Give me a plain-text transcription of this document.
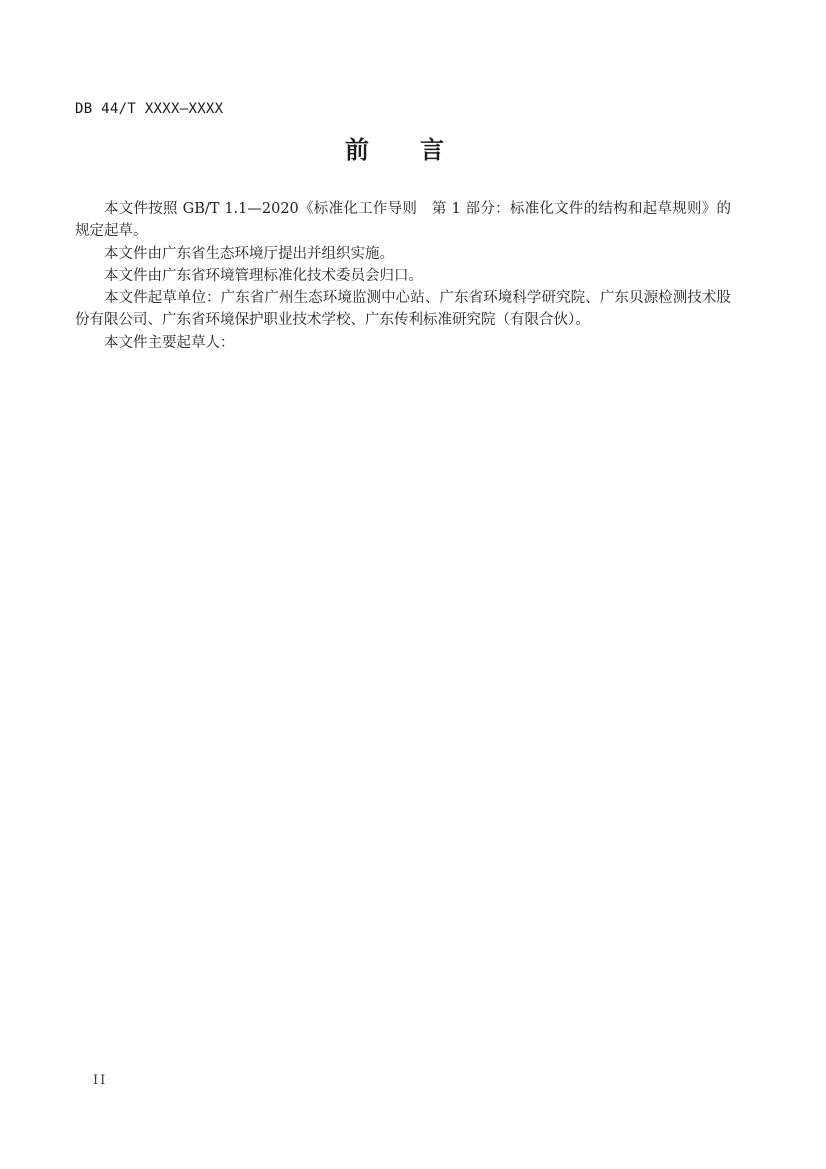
DB 44/T XXXX—XXXX
前　　言

本文件按照 GB/T 1.1—2020《标准化工作导则　第 1 部分：标准化文件的结构和起草规则》的规定起草。

本文件由广东省生态环境厅提出并组织实施。

本文件由广东省环境管理标准化技术委员会归口。

本文件起草单位：广东省广州生态环境监测中心站、广东省环境科学研究院、广东贝源检测技术股份有限公司、广东省环境保护职业技术学校、广东传利标准研究院（有限合伙）。

本文件主要起草人：

II
